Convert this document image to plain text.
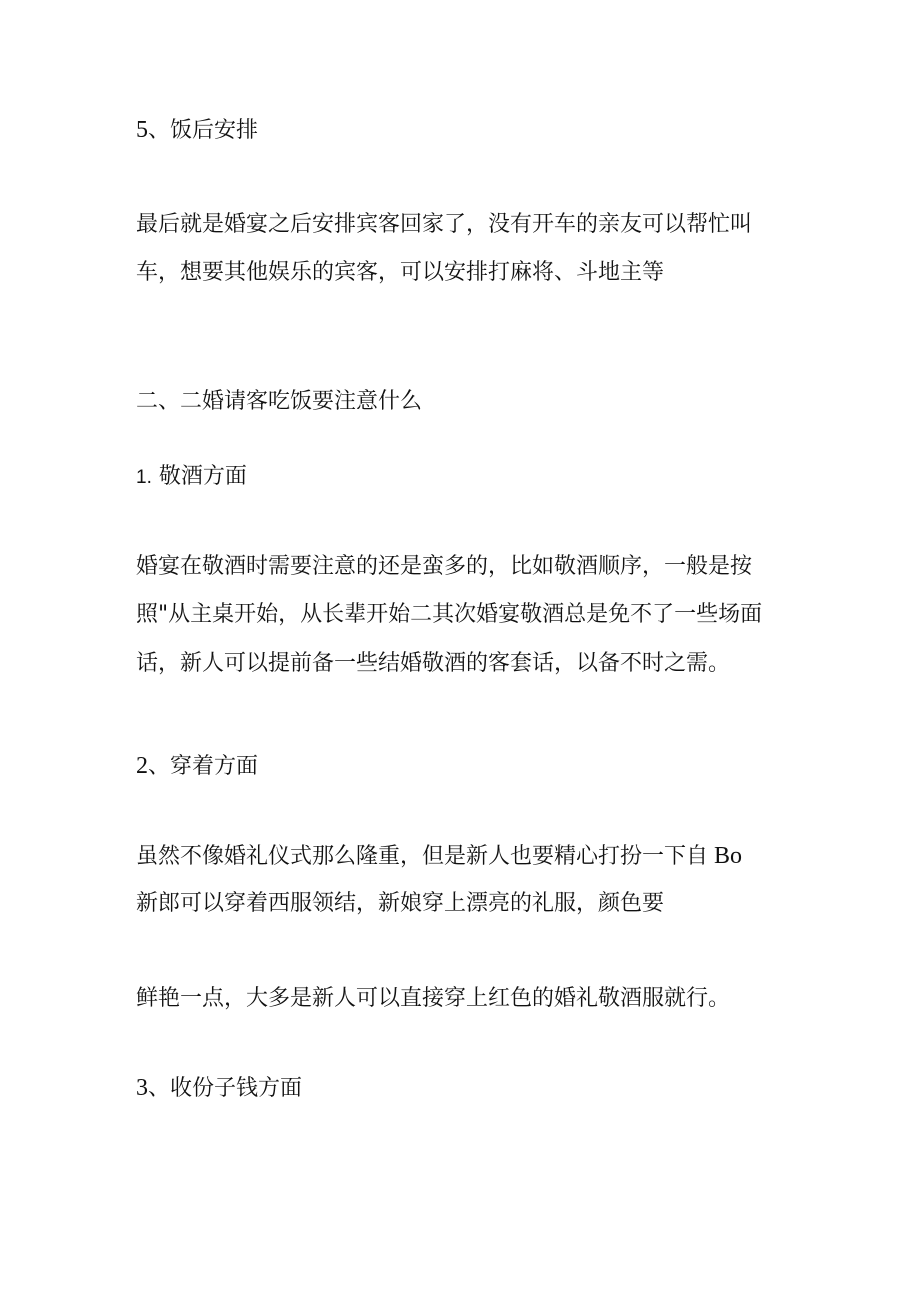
5、饭后安排
最后就是婚宴之后安排宾客回家了，没有开车的亲友可以帮忙叫
车，想要其他娱乐的宾客，可以安排打麻将、斗地主等
二、二婚请客吃饭要注意什么
1. 敬酒方面
婚宴在敬酒时需要注意的还是蛮多的，比如敬酒顺序，一般是按
照"从主桌开始，从长辈开始二其次婚宴敬酒总是免不了一些场面
话，新人可以提前备一些结婚敬酒的客套话，以备不时之需。
2、穿着方面
虽然不像婚礼仪式那么隆重，但是新人也要精心打扮一下自 Bo
新郎可以穿着西服领结，新娘穿上漂亮的礼服，颜色要
鲜艳一点，大多是新人可以直接穿上红色的婚礼敬酒服就行。
3、收份子钱方面
